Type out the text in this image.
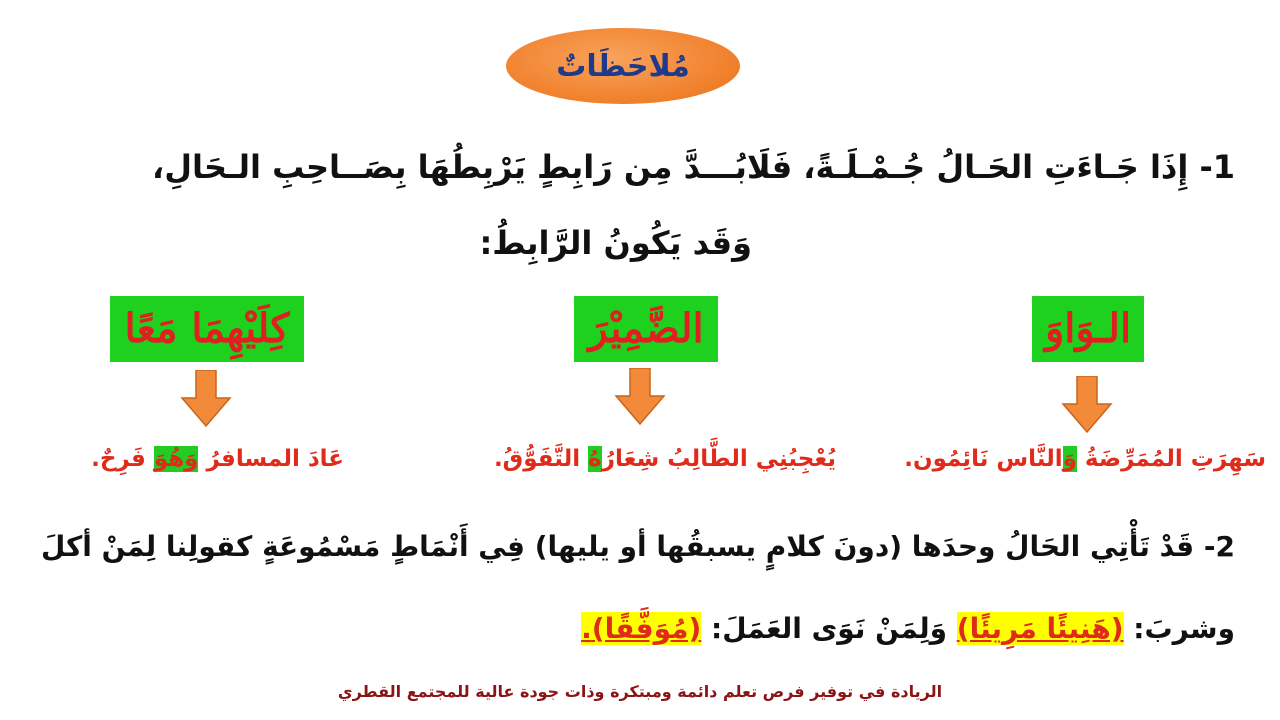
مُلاحَظَاتٌ
1- إِذَا جَـاءَتِ الحَـالُ جُـمْـلَـةً، فَلَابُـــدَّ مِن رَابِطٍ يَرْبِطُهَا بِصَــاحِبِ الـحَالِ،
وَقَد يَكُونُ الرَّابِطُ:
الـوَاوَ
الضَّمِيْرَ
كِلَيْهِمَا مَعًا
سَهِرَتِ المُمَرِّضَةُ وَالنَّاس نَائِمُون.
يُعْجِبُنِي الطَّالِبُ شِعَارُهُ التَّفَوُّقُ.
عَادَ المسافرُ وَهُوَ فَرِحٌ.
2- قَدْ تَأْتِي الحَالُ وحدَها (دونَ كلامٍ يسبقُها أو يليها) فِي أَنْمَاطٍ مَسْمُوعَةٍ كقولِنا لِمَنْ أكلَ
وشربَ: (هَنِيئًا مَرِيئًا) وَلِمَنْ نَوَى العَمَلَ: (مُوَفَّقًا).
الريادة في توفير فرص تعلم دائمة ومبتكرة وذات جودة عالية للمجتمع القطري
